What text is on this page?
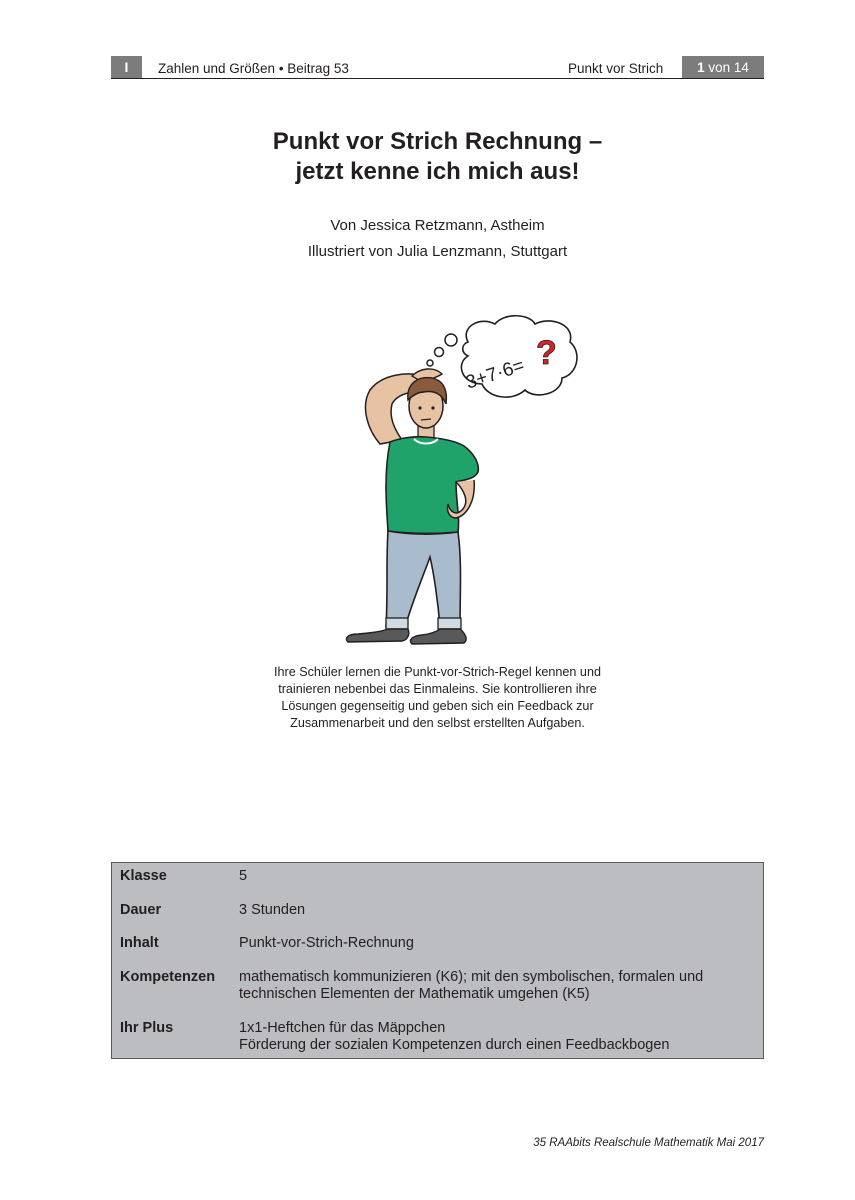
I	Zahlen und Größen • Beitrag 53	Punkt vor Strich	1 von 14
Punkt vor Strich Rechnung –
jetzt kenne ich mich aus!
Von Jessica Retzmann, Astheim
Illustriert von Julia Lenzmann, Stuttgart
3+7·6=
?
Ihre Schüler lernen die Punkt-vor-Strich-Regel kennen und
trainieren nebenbei das Einmaleins. Sie kontrollieren ihre
Lösungen gegenseitig und geben sich ein Feedback zur
Zusammenarbeit und den selbst erstellten Aufgaben.
Klasse	5
Dauer	3 Stunden
Inhalt	Punkt-vor-Strich-Rechnung
Kompetenzen	mathematisch kommunizieren (K6); mit den symbolischen, formalen und
technischen Elementen der Mathematik umgehen (K5)
Ihr Plus	1x1-Heftchen für das Mäppchen
Förderung der sozialen Kompetenzen durch einen Feedbackbogen
35 RAAbits Realschule Mathematik Mai 2017
